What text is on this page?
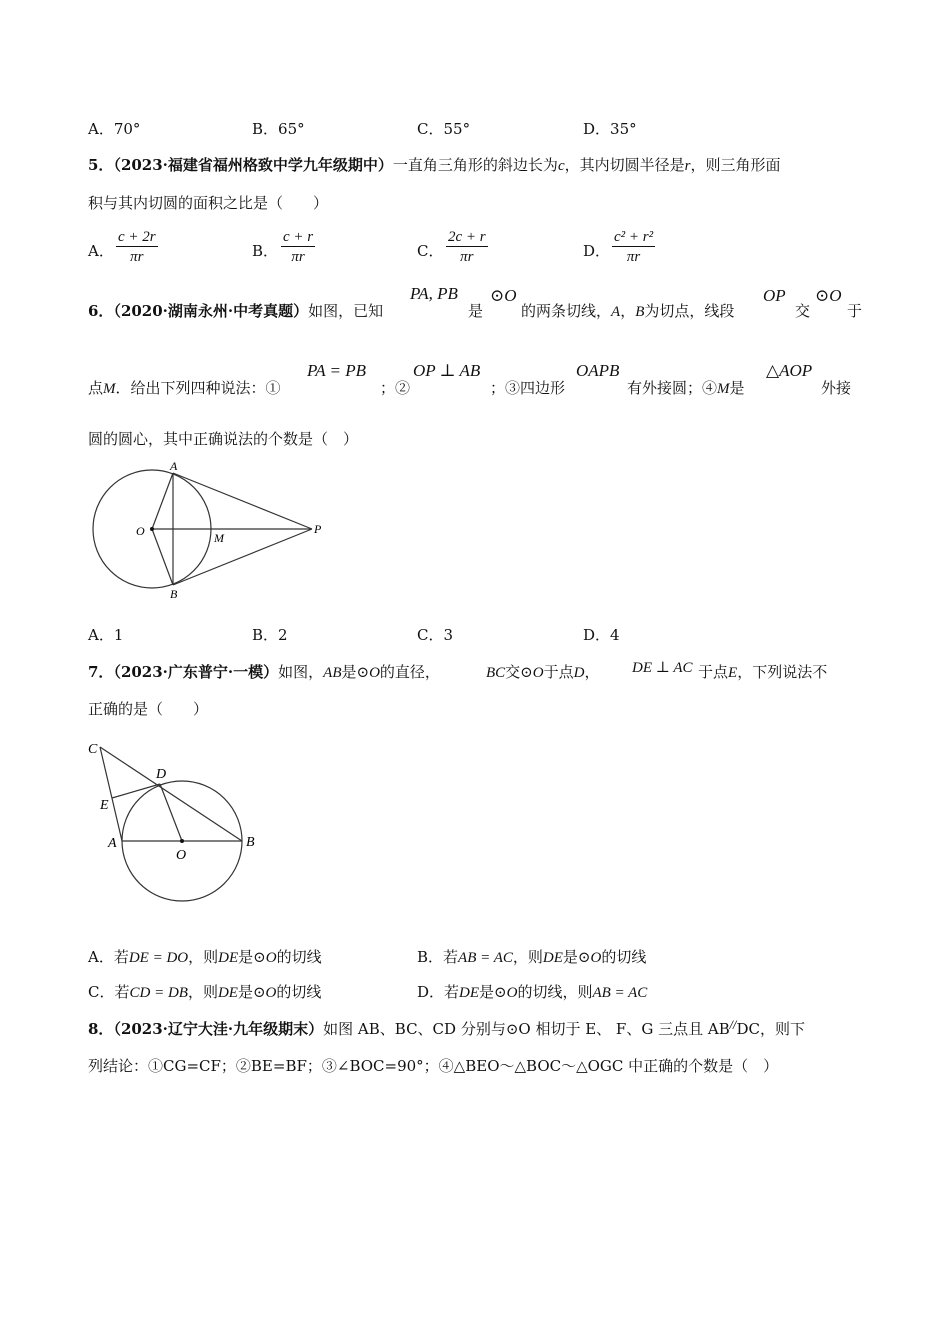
A．70°	B．65°	C．55°	D．35°
5．（2023·福建省福州格致中学九年级期中）一直角三角形的斜边长为c，其内切圆半径是r，则三角形面
积与其内切圆的面积之比是（　　）
A． $\frac{c + 2r}{\pi r}$	B． $\frac{c + r}{\pi r}$	C． $\frac{2c + r}{\pi r}$	D． $\frac{\text{c² + r²}}{\pi r}$
6．（2020·湖南永州·中考真题）如图，已知
PA, PB
是
⊙O
的两条切线，A，B为切点，线段
OP
交
⊙O
于
点M．给出下列四种说法：①
PA = PB
；②
OP ⊥ AB
；③四边形
OAPB
有外接圆；④M是
△AOP
外接
圆的圆心，其中正确说法的个数是（　）
A
B
O	M
P
A．1	B．2	C．3	D．4
7．（2023·广东普宁·一模）如图，AB是⊙O的直径，	BC交⊙O于点D， DE ⊥ AC 于点E，下列说法不
正确的是（　　）
C
D
E
A
O
B
A．若DE = DO，则DE是⊙O的切线	B．若AB = AC，则DE是⊙O的切线
C．若CD = DB，则DE是⊙O的切线	D．若DE是⊙O的切线，则AB = AC
8．（2023·辽宁大洼·九年级期末）如图 AB、BC、CD 分别与⊙O 相切于 E、 F、G 三点且 AB//DC，则下
列结论：①CG=CF；②BE=BF；③∠BOC=90°；④△BEO～△BOC～△OGC 中正确的个数是（　）
